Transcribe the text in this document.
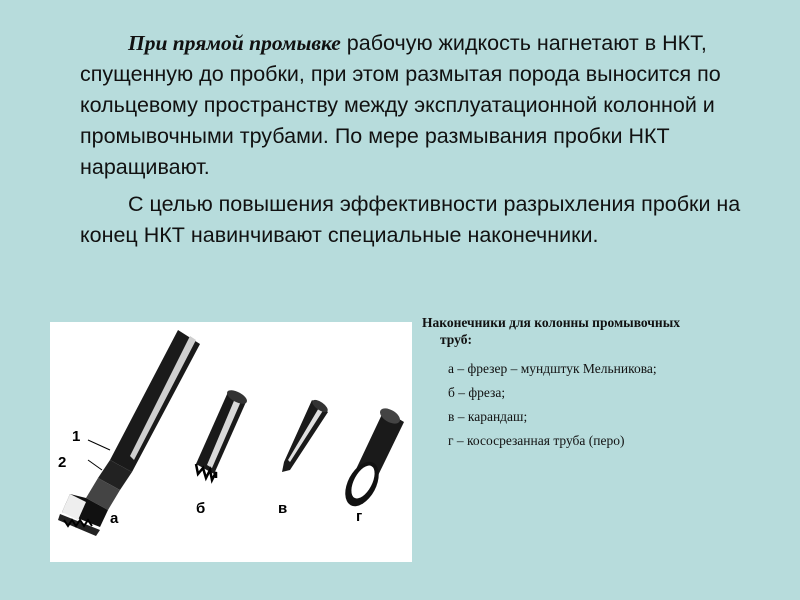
При прямой промывке рабочую жидкость нагнетают в НКТ, спущенную до пробки, при этом размытая порода выносится по кольцевому пространству между эксплуатационной колонной и промывочными трубами. По мере размывания пробки НКТ наращивают.

С целью повышения эффективности разрыхления пробки на конец НКТ навинчивают специальные наконечники.

1
2
а
б	в	г
Наконечники для колонны промывочных
труб:
а – фрезер – мундштук Мельникова;
б – фреза;
в – карандаш;
г – кососрезанная труба (перо)
